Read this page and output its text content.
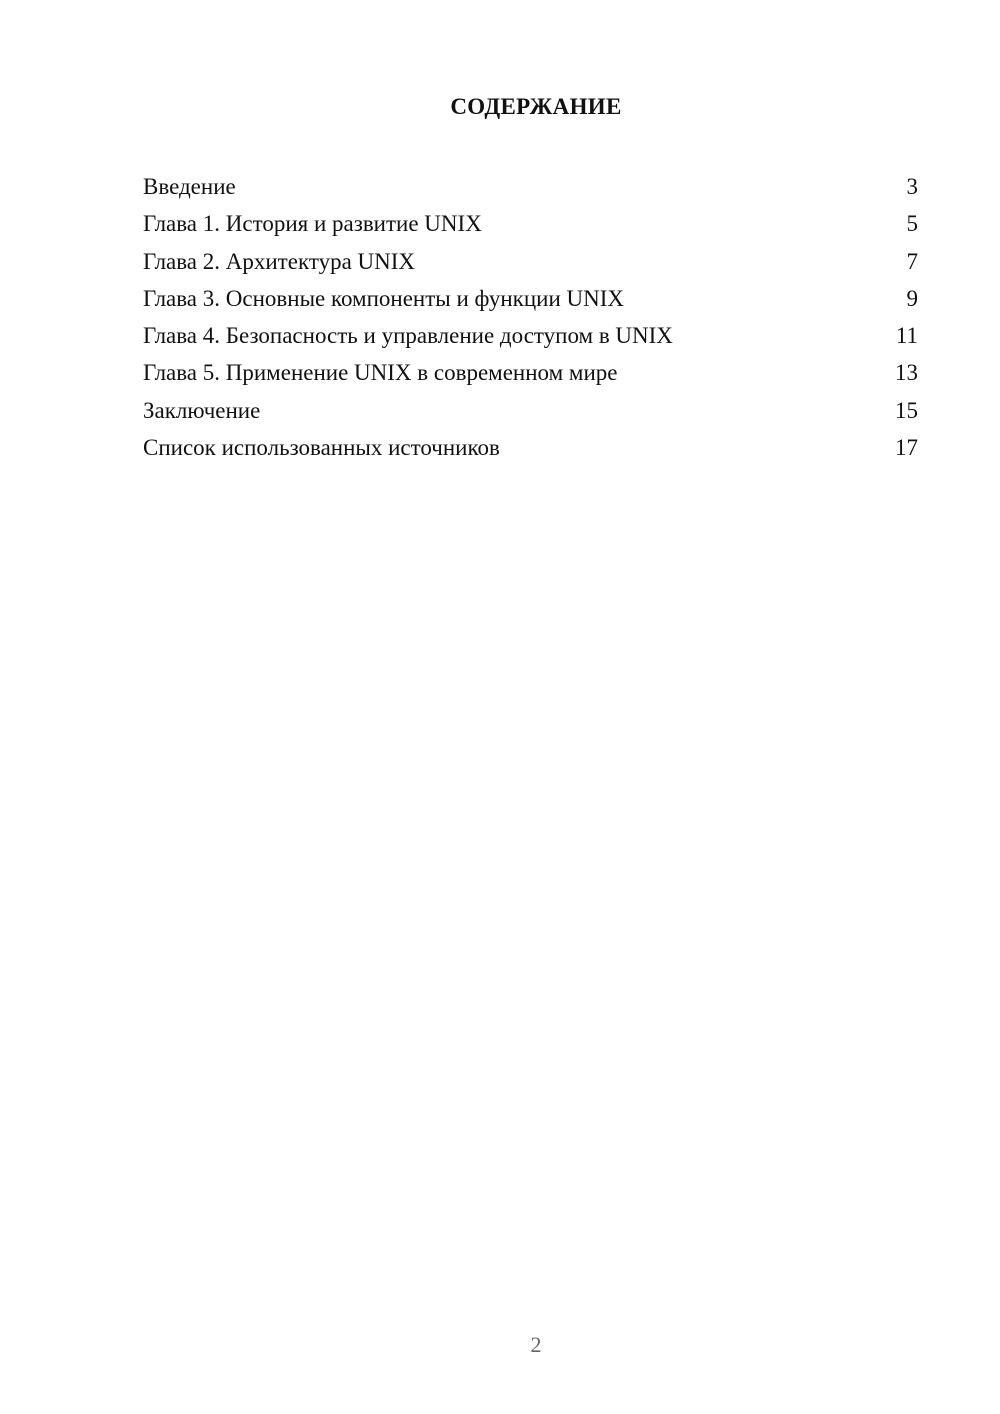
СОДЕРЖАНИЕ
Введение	3
Глава 1. История и развитие UNIX	5
Глава 2. Архитектура UNIX	7
Глава 3. Основные компоненты и функции UNIX	9
Глава 4. Безопасность и управление доступом в UNIX	11
Глава 5. Применение UNIX в современном мире	13
Заключение	15
Список использованных источников	17
2
